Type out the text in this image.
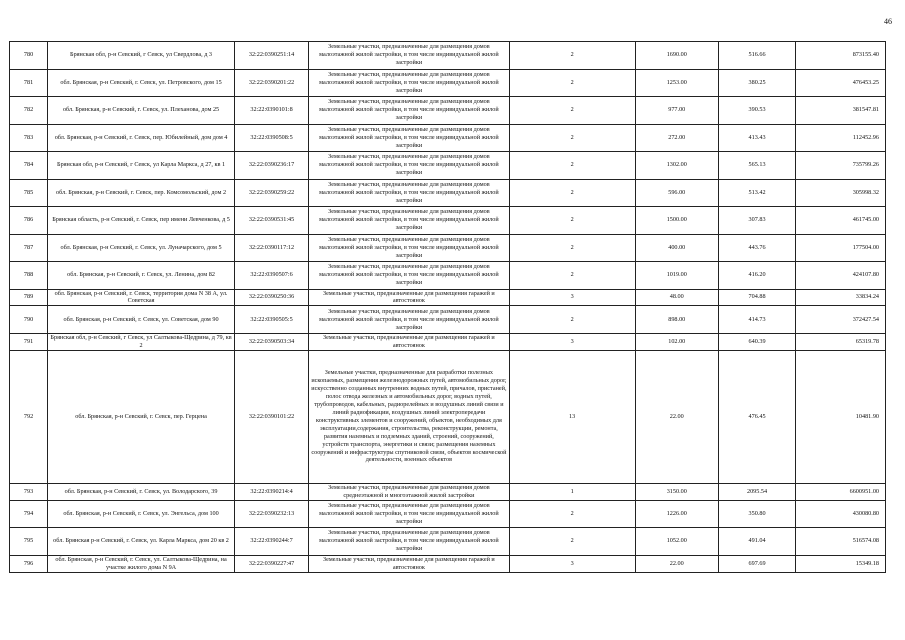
46
780	Брянская обл, р-н Севский, г Севск, ул Свердлова, д 3	32:22:0390251:14	Земельные участки, предназначенные для размещения домов малоэтажной жилой застройки, в том числе индивидуальной жилой застройки	2	1690.00	516.66	873155.40
781	обл. Брянская, р-н Севский, г. Севск, ул. Петровского, дом 15	32:22:0390201:22	Земельные участки, предназначенные для размещения домов малоэтажной жилой застройки, в том числе индивидуальной жилой застройки	2	1253.00	380.25	476453.25
782	обл. Брянская, р-н Севский, г. Севск, ул. Плеханова, дом 25	32:22:0390101:8	Земельные участки, предназначенные для размещения домов малоэтажной жилой застройки, в том числе индивидуальной жилой застройки	2	977.00	390.53	381547.81
783	обл. Брянская, р-н Севский, г. Севск, пер. Юбилейный, дом дом 4	32:22:0390508:5	Земельные участки, предназначенные для размещения домов малоэтажной жилой застройки, в том числе индивидуальной жилой застройки	2	272.00	413.43	112452.96
784	Брянская обл, р-н Севский, г Севск, ул Карла Маркса, д 27, кв 1	32:22:0390236:17	Земельные участки, предназначенные для размещения домов малоэтажной жилой застройки, в том числе индивидуальной жилой застройки	2	1302.00	565.13	735799.26
785	обл. Брянская, р-н Севский, г. Севск, пер. Комсомольский, дом 2	32:22:0390259:22	Земельные участки, предназначенные для размещения домов малоэтажной жилой застройки, в том числе индивидуальной жилой застройки	2	596.00	513.42	305998.32
786	Брянская область, р-н Севский, г. Севск, пер имени Левченкова, д 5	32:22:0390531:45	Земельные участки, предназначенные для размещения домов малоэтажной жилой застройки, в том числе индивидуальной жилой застройки	2	1500.00	307.83	461745.00
787	обл. Брянская, р-н Севский, г. Севск, ул. Луначарского, дом 5	32:22:0390117:12	Земельные участки, предназначенные для размещения домов малоэтажной жилой застройки, в том числе индивидуальной жилой застройки	2	400.00	443.76	177504.00
788	обл. Брянская, р-н Севский, г. Севск, ул. Ленина, дом 82	32:22:0390507:6	Земельные участки, предназначенные для размещения домов малоэтажной жилой застройки, в том числе индивидуальной жилой застройки	2	1019.00	416.20	424107.80
789	обл. Брянская, р-н Севский, г. Севск, территория дома N 38 А, ул. Советская	32:22:0390250:36	Земельные участки, предназначенные для размещения гаражей и автостоянок	3	48.00	704.88	33834.24
790	обл. Брянская, р-н Севский, г. Севск, ул. Советская, дом 90	32:22:0390505:5	Земельные участки, предназначенные для размещения домов малоэтажной жилой застройки, в том числе индивидуальной жилой застройки	2	898.00	414.73	372427.54
791	Брянская обл, р-н Севский, г Севск, ул Салтыкова-Щедрина, д 79, кв 2	32:22:0390503:34	Земельные участки, предназначенные для размещения гаражей и автостоянок	3	102.00	640.39	65319.78
792	обл. Брянская, р-н Севский, г. Севск, пер. Герцена	32:22:0390101:22	Земельные участки, предназначенные для разработки полезных ископаемых, размещения железнодорожных путей, автомобильных дорог, искусственно созданных внутренних водных путей, причалов, пристаней, полос отвода железных и автомобильных дорог, водных путей, трубопроводов, кабельных, радиорелейных и воздушных линий связи и линий радиофикации, воздушных линий электропередачи конструктивных элементов и сооружений, объектов, необходимых для эксплуатации,содержания, строительства, реконструкции, ремонта, развития наземных и подземных зданий, строений, сооружений, устройств транспорта, энергетики и связи; размещения наземных сооружений и инфраструктуры спутниковой связи, объектов космической деятельности, военных объектов	13	22.00	476.45	10481.90
793	обл. Брянская, р-н Севский, г. Севск, ул. Володарского, 39	32:22:0390214:4	Земельные участки, предназначенные для размещения домов среднеэтажной и многоэтажной жилой застройки	1	3150.00	2095.54	6600951.00
794	обл. Брянская, р-н Севский, г. Севск, ул. Энгельса, дом 100	32:22:0390232:13	Земельные участки, предназначенные для размещения домов малоэтажной жилой застройки, в том числе индивидуальной жилой застройки	2	1226.00	350.80	430080.80
795	обл. Брянская р-н Севский, г. Севск, ул. Карла Маркса, дом 20 кв 2	32:22:0390244:7	Земельные участки, предназначенные для размещения домов малоэтажной жилой застройки, в том числе индивидуальной жилой застройки	2	1052.00	491.04	516574.08
796	обл. Брянская, р-н Севский, г. Севск, ул. Салтыкова-Щедрина, на участке жилого дома N 9А	32:22:0390227:47	Земельные участки, предназначенные для размещения гаражей и автостоянок	3	22.00	697.69	15349.18
